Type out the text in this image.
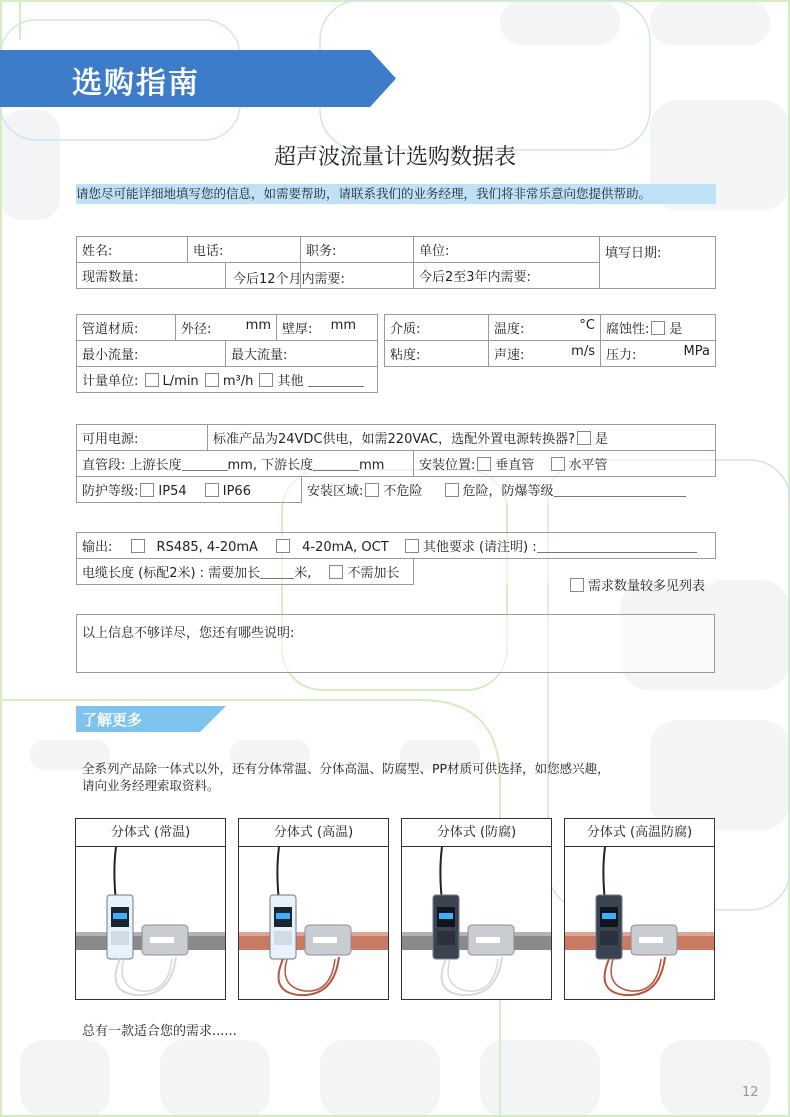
选购指南
超声波流量计选购数据表
请您尽可能详细地填写您的信息，如需要帮助，请联系我们的业务经理，我们将非常乐意向您提供帮助。
姓名:	电话:	职务:	单位:	填写日期:
现需数量: 今后12个月内需要:			今后2至3年内需要:	
管道材质:	外径: mm		壁厚: mm

最小流量:		最大流量:	
计量单位: L/min m³/h 其他			
介质:	温度: °C	腐蚀性: 是
粘度:	声速: m/s	压力: MPa
可用电源:	标准产品为24VDC供电，如需220VAC，选配外置电源转换器? 是		
直管段: 上游长度 mm, 下游长度 mm			安装位置: 垂直管 水平管
防护等级: IP54 IP66		安装区域: 不危险 危险，防爆等级	
输出:	RS485, 4-20mA	4-20mA, OCT	其他要求 (请注明) :
电缆长度 (标配2米) : 需要加长	米,	不需加长	
需求数量较多见列表
以上信息不够详尽，您还有哪些说明:
了解更多
全系列产品除一体式以外，还有分体常温、分体高温、防腐型、PP材质可供选择，如您感兴趣，
请向业务经理索取资料。
分体式 (常温)	分体式 (高温)	分体式 (防腐)	分体式 (高温防腐)
总有一款适合您的需求......
12
